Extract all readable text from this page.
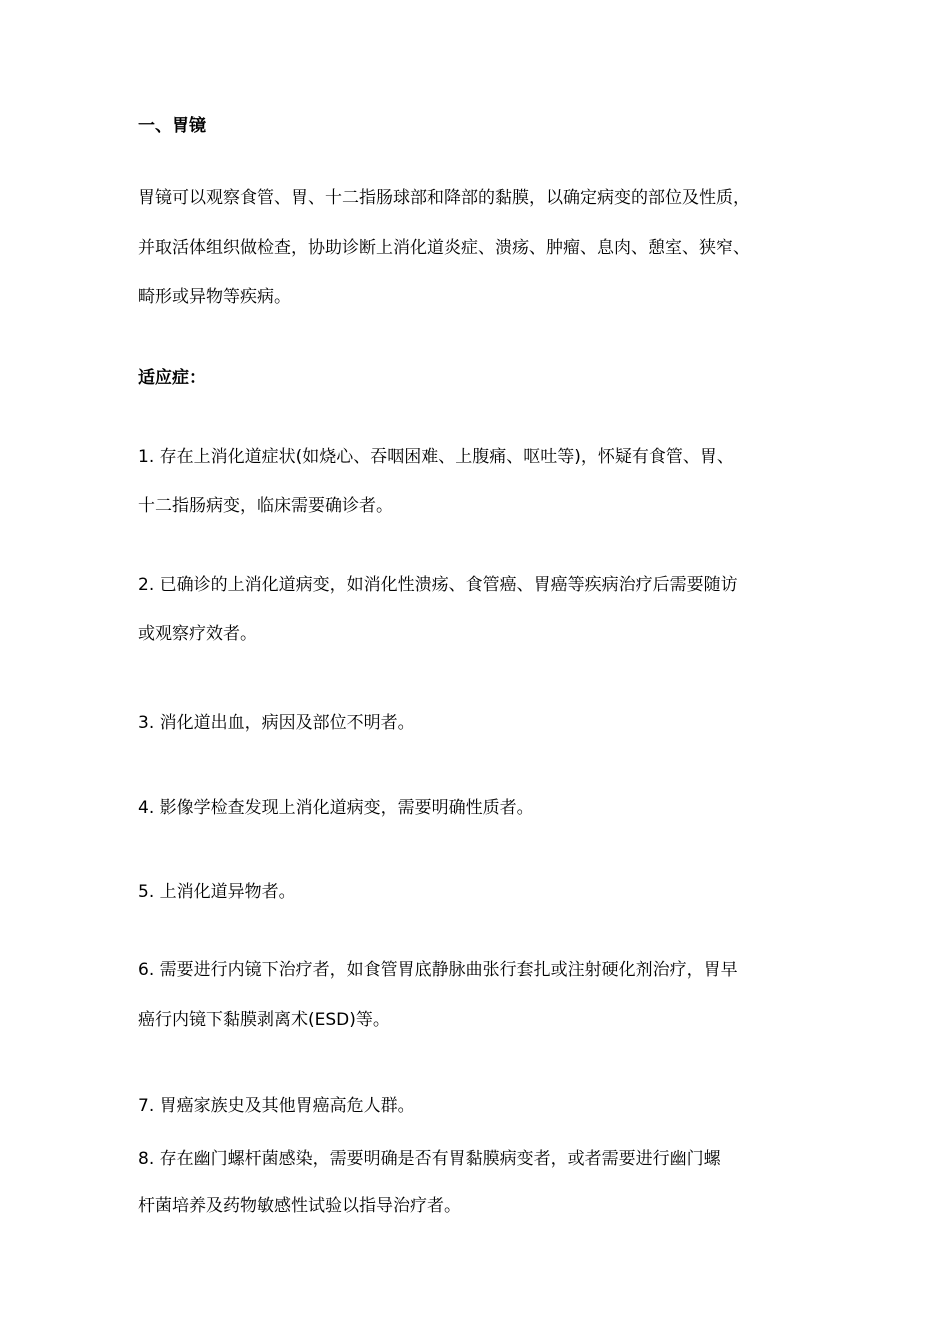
一、胃镜

胃镜可以观察食管、胃、十二指肠球部和降部的黏膜，以确定病变的部位及性质，

并取活体组织做检查，协助诊断上消化道炎症、溃疡、肿瘤、息肉、憩室、狭窄、

畸形或异物等疾病。

适应症：

1. 存在上消化道症状(如烧心、吞咽困难、上腹痛、呕吐等)，怀疑有食管、胃、

十二指肠病变，临床需要确诊者。

2. 已确诊的上消化道病变，如消化性溃疡、食管癌、胃癌等疾病治疗后需要随访

或观察疗效者。

3. 消化道出血，病因及部位不明者。

4. 影像学检查发现上消化道病变，需要明确性质者。

5. 上消化道异物者。

6. 需要进行内镜下治疗者，如食管胃底静脉曲张行套扎或注射硬化剂治疗，胃早

癌行内镜下黏膜剥离术(ESD)等。

7. 胃癌家族史及其他胃癌高危人群。

8. 存在幽门螺杆菌感染，需要明确是否有胃黏膜病变者，或者需要进行幽门螺

杆菌培养及药物敏感性试验以指导治疗者。
